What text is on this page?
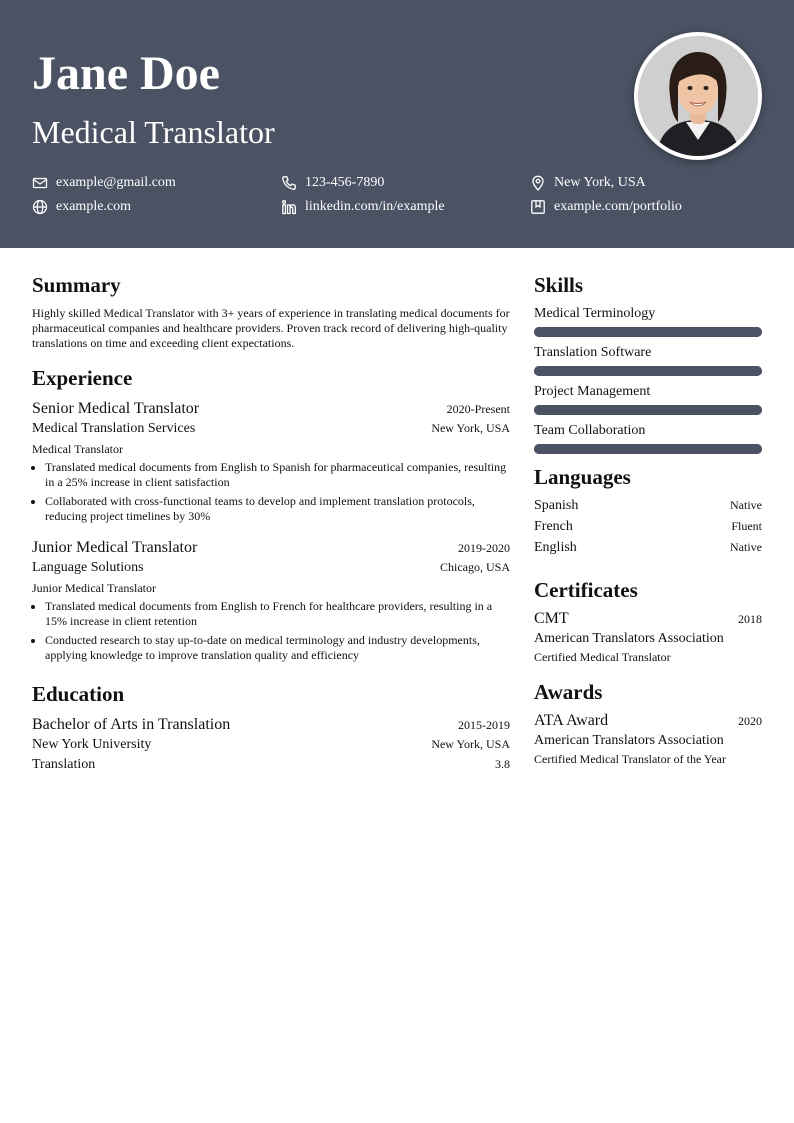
Jane Doe
Medical Translator
example@gmail.com	123-456-7890	New York, USA
example.com	linkedin.com/in/example	example.com/portfolio
Summary
Highly skilled Medical Translator with 3+ years of experience in translating medical documents for pharmaceutical companies and healthcare providers. Proven track record of delivering high-quality translations on time and exceeding client expectations.
Experience
Senior Medical Translator	2020-Present
Medical Translation Services	New York, USA
Medical Translator
• Translated medical documents from English to Spanish for pharmaceutical companies, resulting in a 25% increase in client satisfaction
• Collaborated with cross-functional teams to develop and implement translation protocols, reducing project timelines by 30%
Junior Medical Translator	2019-2020
Language Solutions	Chicago, USA
Junior Medical Translator
• Translated medical documents from English to French for healthcare providers, resulting in a 15% increase in client retention
• Conducted research to stay up-to-date on medical terminology and industry developments, applying knowledge to improve translation quality and efficiency
Education
Bachelor of Arts in Translation	2015-2019
New York University	New York, USA
Translation	3.8
Skills
Medical Terminology
Translation Software
Project Management
Team Collaboration
Languages
Spanish	Native
French	Fluent
English	Native
Certificates
CMT	2018
American Translators Association
Certified Medical Translator
Awards
ATA Award	2020
American Translators Association
Certified Medical Translator of the Year
